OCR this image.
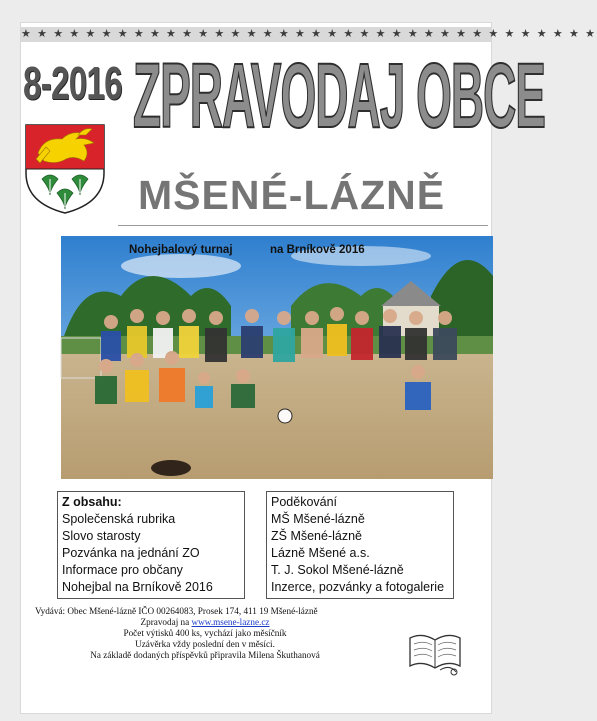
★ ★ ★ ★ ★ ★ ★ ★ ★ ★ ★ ★ ★ ★ ★ ★ ★ ★ ★ ★ ★ ★ ★ ★ ★ ★ ★ ★ ★ ★ ★ ★ ★ ★ ★ ★
8-2016 ZPRAVODAJ OBCE
MŠENÉ-LÁZNĚ
Nohejbalový turnaj	na Brníkově 2016
Z obsahu:
Společenská rubrika
Slovo starosty
Pozvánka na jednání ZO
Informace pro občany
Nohejbal na Brníkově 2016
Poděkování
MŠ Mšené-lázně
ZŠ Mšené-lázně
Lázně Mšené a.s.
T. J. Sokol Mšené-lázně
Inzerce, pozvánky a fotogalerie
Vydává: Obec Mšené-lázně IČO 00264083, Prosek 174, 411 19 Mšené-lázně
Zpravodaj na www.msene-lazne.cz
Počet výtisků 400 ks, vychází jako měsíčník
Uzávěrka vždy poslední den v měsíci.
Na základě dodaných příspěvků připravila Milena Škuthanová
